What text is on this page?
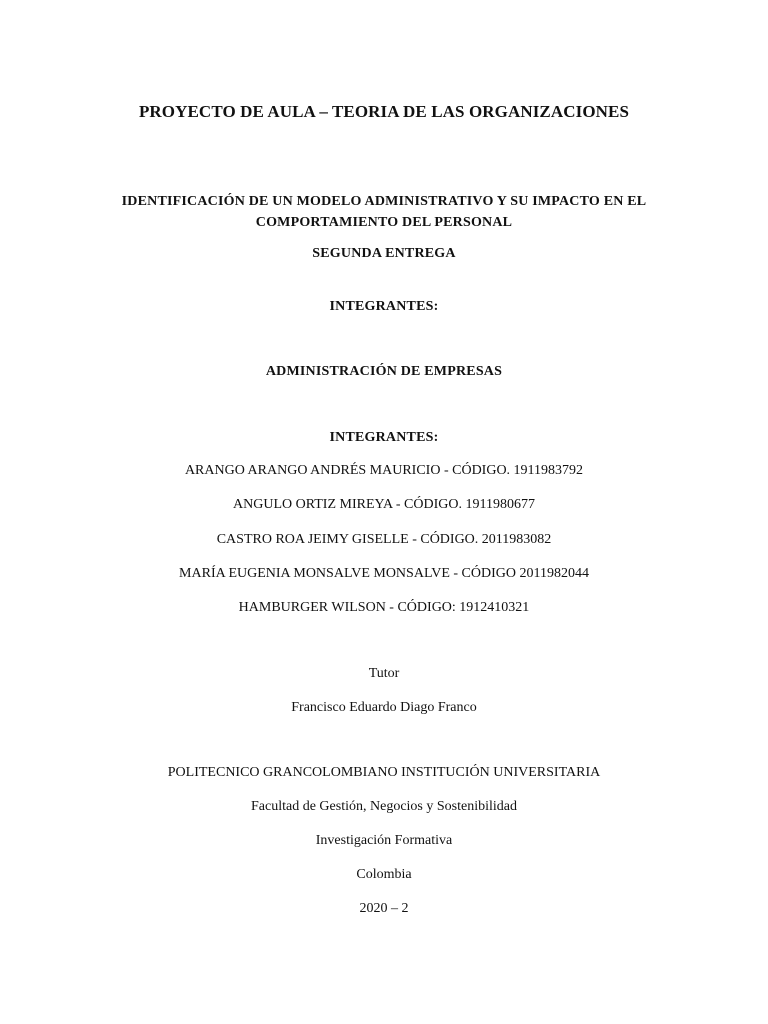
PROYECTO DE AULA – TEORIA DE LAS ORGANIZACIONES
IDENTIFICACIÓN DE UN MODELO ADMINISTRATIVO Y SU IMPACTO EN EL
COMPORTAMIENTO DEL PERSONAL
SEGUNDA ENTREGA
INTEGRANTES:
ADMINISTRACIÓN DE EMPRESAS
INTEGRANTES:
ARANGO ARANGO ANDRÉS MAURICIO - CÓDIGO. 1911983792
ANGULO ORTIZ MIREYA - CÓDIGO. 1911980677
CASTRO ROA JEIMY GISELLE - CÓDIGO. 2011983082
MARÍA EUGENIA MONSALVE MONSALVE - CÓDIGO 2011982044
HAMBURGER WILSON - CÓDIGO: 1912410321
Tutor
Francisco Eduardo Diago Franco
POLITECNICO GRANCOLOMBIANO INSTITUCIÓN UNIVERSITARIA
Facultad de Gestión, Negocios y Sostenibilidad
Investigación Formativa
Colombia
2020 – 2
